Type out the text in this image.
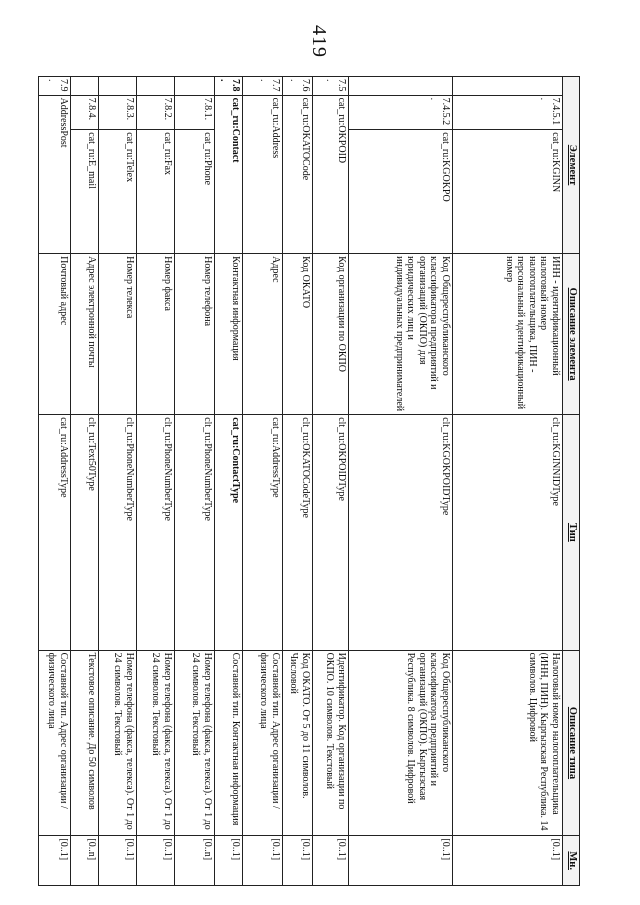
419
Элемент			Описание элемента	Тип	Описание типа	Мн.
	7.4.5.1.	cat_ru:KGINN	ИНН - идентификационный налоговый номер налогоплательщика, ПИН - персональный идентификационный номер	clt_ru:KGINNIDType	Налоговый номер налогоплательщика (ИНН, ПИН). Кыргызская Республика. 14 символов. Цифровой	[0..1]
	7.4.5.2.	cat_ru:KGOKPO	Код Общереспубликанского классификатора предприятий и организаций (ОКПО) для юридических лиц и индивидуальных предпринимателей	clt_ru:KGOKPOIDType	Код Общереспубликанского классификатора предприятий и организаций (ОКПО). Кыргызская Республика. 8 символов. Цифровой	[0..1]
7.5.	cat_ru:OKPOID		Код организации по ОКПО	clt_ru:OKPOIDType	Идентификатор. Код организации по ОКПО. 10 символов. Текстовый	[0..1]
7.6.	cat_ru:OKATOCode		Код ОКАТО	clt_ru:OKATOCodeType	Код ОКАТО. От 5 до 11 символов. Числовой	[0..1]
7.7.	cat_ru:Address		Адрес	cat_ru:AddressType	Составной тип. Адрес организации / физического лица	[0..1]
7.8.	cat_ru:Contact		Контактная информация	cat_ru:ContactType	Составной тип. Контактная информация	[0..1]
	7.8.1.	cat_ru:Phone	Номер телефона	clt_ru:PhoneNumberType	Номер телефона (факса, телекса). От 1 до 24 символов. Текстовый	[0..n]
	7.8.2.	cat_ru:Fax	Номер факса	clt_ru:PhoneNumberType	Номер телефона (факса, телекса). От 1 до 24 символов. Текстовый	[0..1]
	7.8.3.	cat_ru:Telex	Номер телекса	clt_ru:PhoneNumberType	Номер телефона (факса, телекса). От 1 до 24 символов. Текстовый	[0..1]
	7.8.4.	cat_ru:E_mail	Адрес электронной почты	clt_ru:Text50Type	Текстовое описание. До 50 символов	[0..n]
7.9.	AddressPost		Почтовый адрес	cat_ru:AddressType	Составной тип. Адрес организации / физического лица	[0..1]
